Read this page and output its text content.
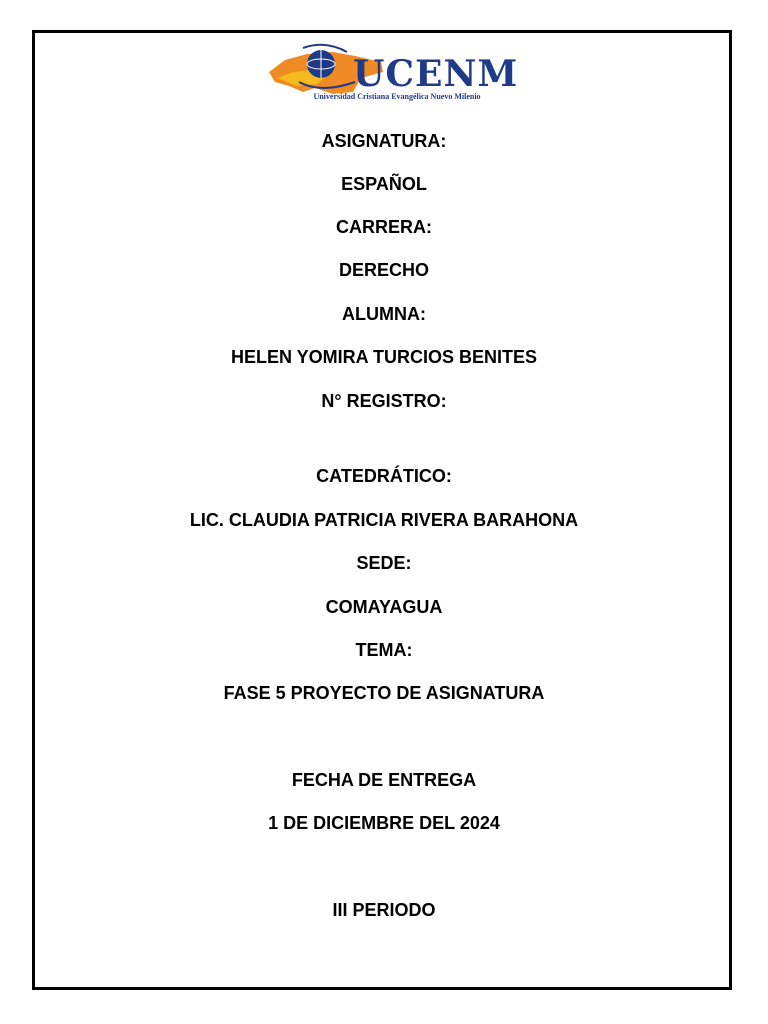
UCENM
Universidad Cristiana Evangélica Nuevo Milenio
ASIGNATURA:
ESPAÑOL
CARRERA:
DERECHO
ALUMNA:
HELEN YOMIRA TURCIOS BENITES
N° REGISTRO:
CATEDRÁTICO:
LIC. CLAUDIA PATRICIA RIVERA BARAHONA
SEDE:
COMAYAGUA
TEMA:
FASE 5 PROYECTO DE ASIGNATURA
FECHA DE ENTREGA
1 DE DICIEMBRE DEL 2024
III PERIODO
